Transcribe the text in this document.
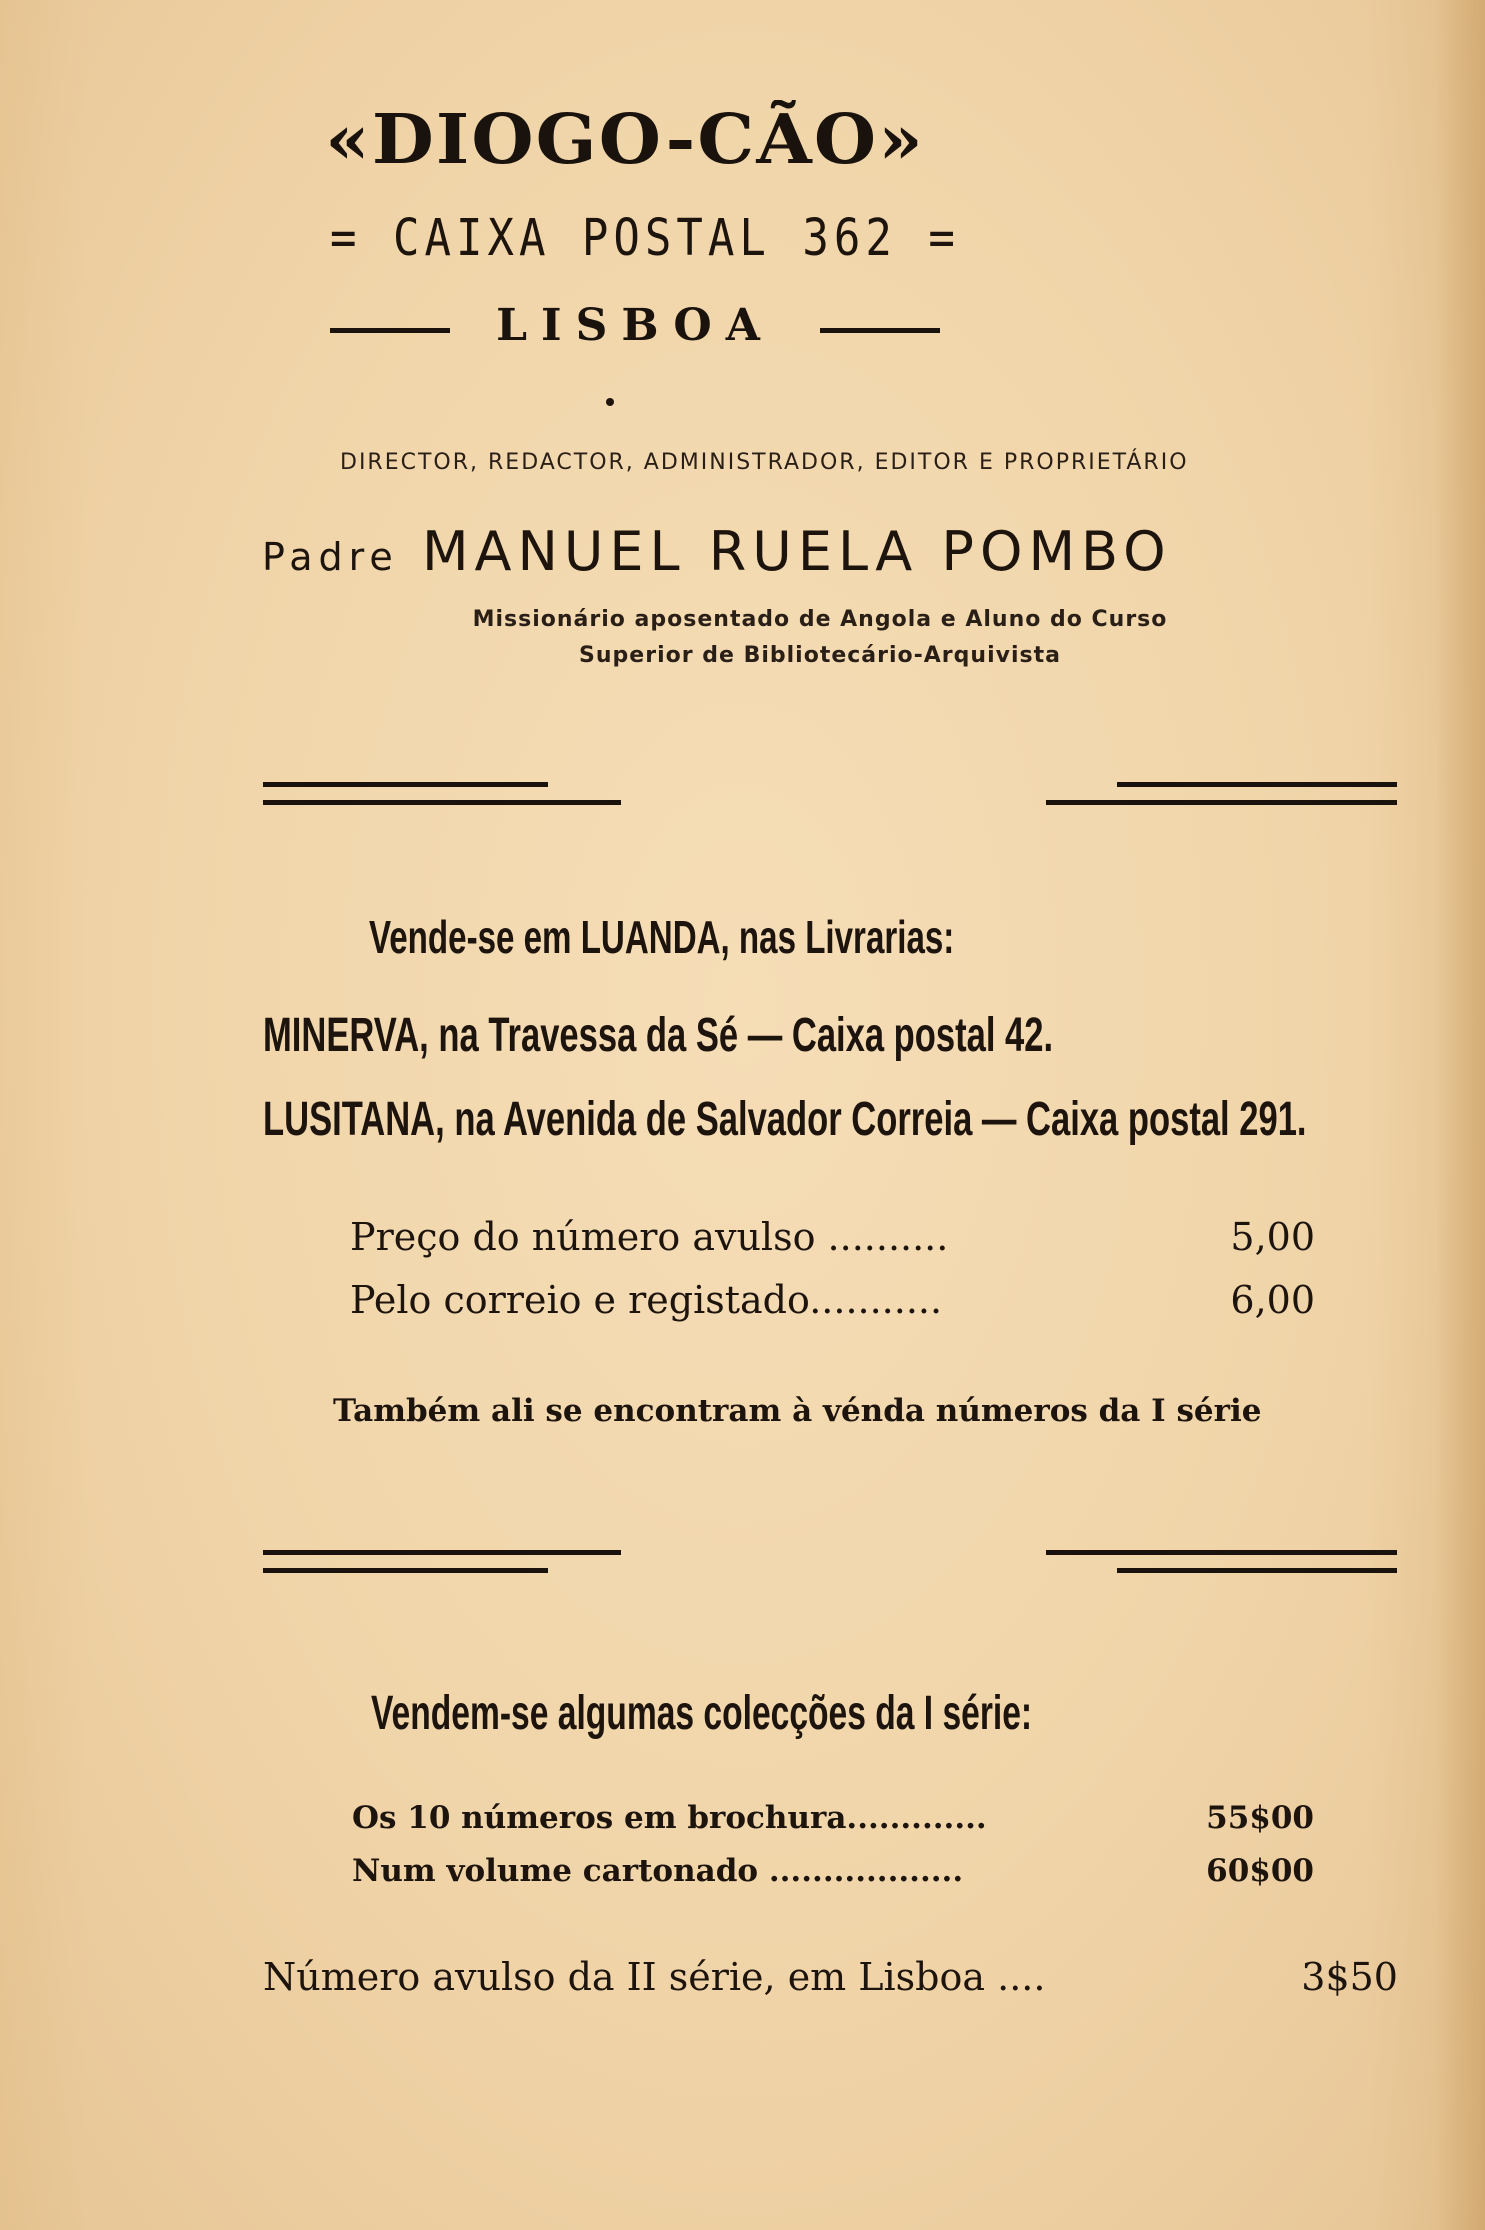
«DIOGO-CÃO»
= CAIXA POSTAL 362 =
LISBOA
DIRECTOR, REDACTOR, ADMINISTRADOR, EDITOR E PROPRIETÁRIO
Padre MANUEL RUELA POMBO
Missionário aposentado de Angola e Aluno do Curso
Superior de Bibliotecário-Arquivista
Vende-se em LUANDA, nas Livrarias:
MINERVA, na Travessa da Sé — Caixa postal 42.
LUSITANA, na Avenida de Salvador Correia — Caixa postal 291.
Preço do número avulso ..........	5,00
Pelo correio e registado...........	6,00
Também ali se encontram à vénda números da I série
Vendem-se algumas colecções da I série:
Os 10 números em brochura.............	55$00
Num volume cartonado ..................	60$00
Número avulso da II série, em Lisboa ....	3$50
